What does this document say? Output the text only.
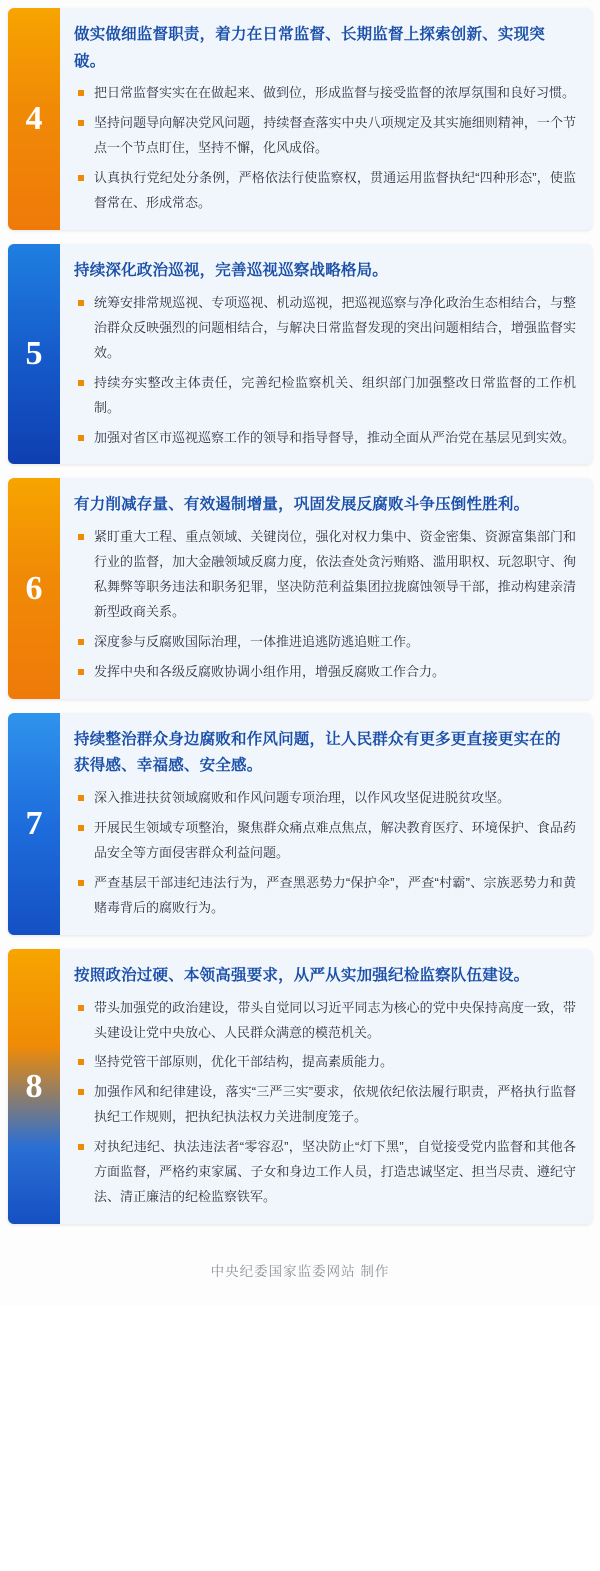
4
做实做细监督职责，着力在日常监督、长期监督上探索创新、实现突破。
把日常监督实实在在做起来、做到位，形成监督与接受监督的浓厚氛围和良好习惯。
坚持问题导向解决党风问题，持续督查落实中央八项规定及其实施细则精神，一个节点一个节点盯住，坚持不懈，化风成俗。
认真执行党纪处分条例，严格依法行使监察权，贯通运用监督执纪“四种形态”，使监督常在、形成常态。
5
持续深化政治巡视，完善巡视巡察战略格局。
统筹安排常规巡视、专项巡视、机动巡视，把巡视巡察与净化政治生态相结合，与整治群众反映强烈的问题相结合，与解决日常监督发现的突出问题相结合，增强监督实效。
持续夯实整改主体责任，完善纪检监察机关、组织部门加强整改日常监督的工作机制。
加强对省区市巡视巡察工作的领导和指导督导，推动全面从严治党在基层见到实效。
6
有力削减存量、有效遏制增量，巩固发展反腐败斗争压倒性胜利。
紧盯重大工程、重点领域、关键岗位，强化对权力集中、资金密集、资源富集部门和行业的监督，加大金融领域反腐力度，依法查处贪污贿赂、滥用职权、玩忽职守、徇私舞弊等职务违法和职务犯罪，坚决防范利益集团拉拢腐蚀领导干部，推动构建亲清新型政商关系。
深度参与反腐败国际治理，一体推进追逃防逃追赃工作。
发挥中央和各级反腐败协调小组作用，增强反腐败工作合力。
7
持续整治群众身边腐败和作风问题，让人民群众有更多更直接更实在的获得感、幸福感、安全感。
深入推进扶贫领域腐败和作风问题专项治理，以作风攻坚促进脱贫攻坚。
开展民生领域专项整治，聚焦群众痛点难点焦点，解决教育医疗、环境保护、食品药品安全等方面侵害群众利益问题。
严查基层干部违纪违法行为，严查黑恶势力“保护伞”，严查“村霸”、宗族恶势力和黄赌毒背后的腐败行为。
8
按照政治过硬、本领高强要求，从严从实加强纪检监察队伍建设。
带头加强党的政治建设，带头自觉同以习近平同志为核心的党中央保持高度一致，带头建设让党中央放心、人民群众满意的模范机关。
坚持党管干部原则，优化干部结构，提高素质能力。
加强作风和纪律建设，落实“三严三实”要求，依规依纪依法履行职责，严格执行监督执纪工作规则，把执纪执法权力关进制度笼子。
对执纪违纪、执法违法者“零容忍”，坚决防止“灯下黑”，自觉接受党内监督和其他各方面监督，严格约束家属、子女和身边工作人员，打造忠诚坚定、担当尽责、遵纪守法、清正廉洁的纪检监察铁军。
中央纪委国家监委网站 制作
